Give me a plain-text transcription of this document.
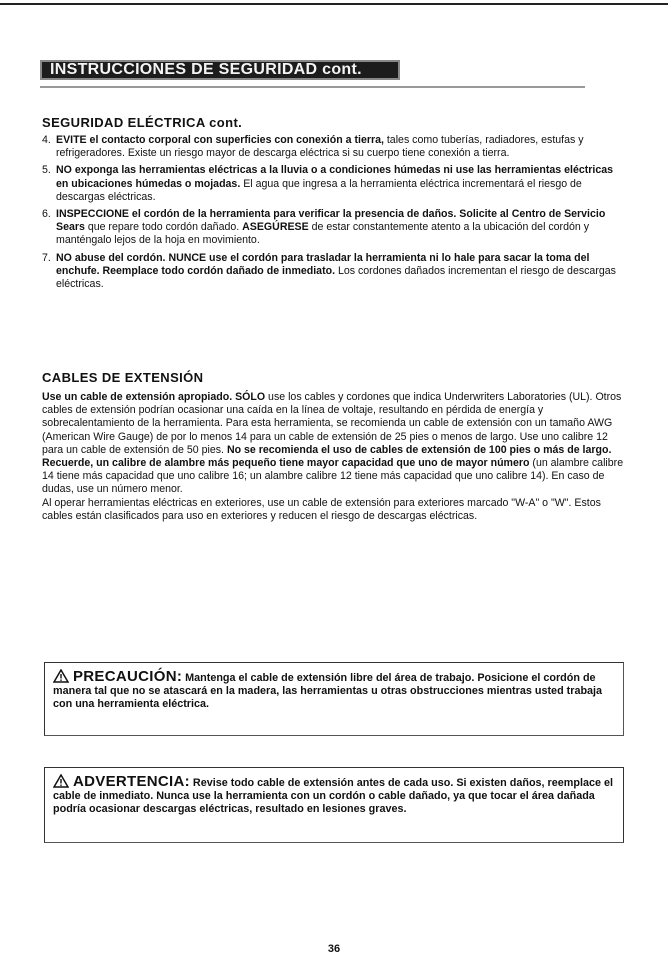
INSTRUCCIONES DE SEGURIDAD cont.
SEGURIDAD ELÉCTRICA cont.
4. EVITE el contacto corporal con superficies con conexión a tierra, tales como tuberías, radiadores, estufas y refrigeradores. Existe un riesgo mayor de descarga eléctrica si su cuerpo tiene conexión a tierra.
5. NO exponga las herramientas eléctricas a la lluvia o a condiciones húmedas ni use las herramientas eléctricas en ubicaciones húmedas o mojadas. El agua que ingresa a la herramienta eléctrica incrementará el riesgo de descargas eléctricas.
6. INSPECCIONE el cordón de la herramienta para verificar la presencia de daños. Solicite al Centro de Servicio Sears que repare todo cordón dañado. ASEGÚRESE de estar constantemente atento a la ubicación del cordón y manténgalo lejos de la hoja en movimiento.
7. NO abuse del cordón. NUNCE use el cordón para trasladar la herramienta ni lo hale para sacar la toma del enchufe. Reemplace todo cordón dañado de inmediato. Los cordones dañados incrementan el riesgo de descargas eléctricas.
CABLES DE EXTENSIÓN

Use un cable de extensión apropiado. SÓLO use los cables y cordones que indica Underwriters Laboratories (UL). Otros cables de extensión podrían ocasionar una caída en la línea de voltaje, resultando en pérdida de energía y sobrecalentamiento de la herramienta. Para esta herramienta, se recomienda un cable de extensión con un tamaño AWG (American Wire Gauge) de por lo menos 14 para un cable de extensión de 25 pies o menos de largo. Use uno calibre 12 para un cable de extensión de 50 pies. No se recomienda el uso de cables de extensión de 100 pies o más de largo. Recuerde, un calibre de alambre más pequeño tiene mayor capacidad que uno de mayor número (un alambre calibre 14 tiene más capacidad que uno calibre 16; un alambre calibre 12 tiene más capacidad que uno calibre 14). En caso de dudas, use un número menor.
Al operar herramientas eléctricas en exteriores, use un cable de extensión para exteriores marcado "W-A" o "W". Estos cables están clasificados para uso en exteriores y reducen el riesgo de descargas eléctricas.

PRECAUCIÓN: Mantenga el cable de extensión libre del área de trabajo. Posicione el cordón de manera tal que no se atascará en la madera, las herramientas u otras obstrucciones mientras usted trabaja con una herramienta eléctrica.
ADVERTENCIA: Revise todo cable de extensión antes de cada uso. Si existen daños, reemplace el cable de inmediato. Nunca use la herramienta con un cordón o cable dañado, ya que tocar el área dañada podría ocasionar descargas eléctricas, resultado en lesiones graves.
36
